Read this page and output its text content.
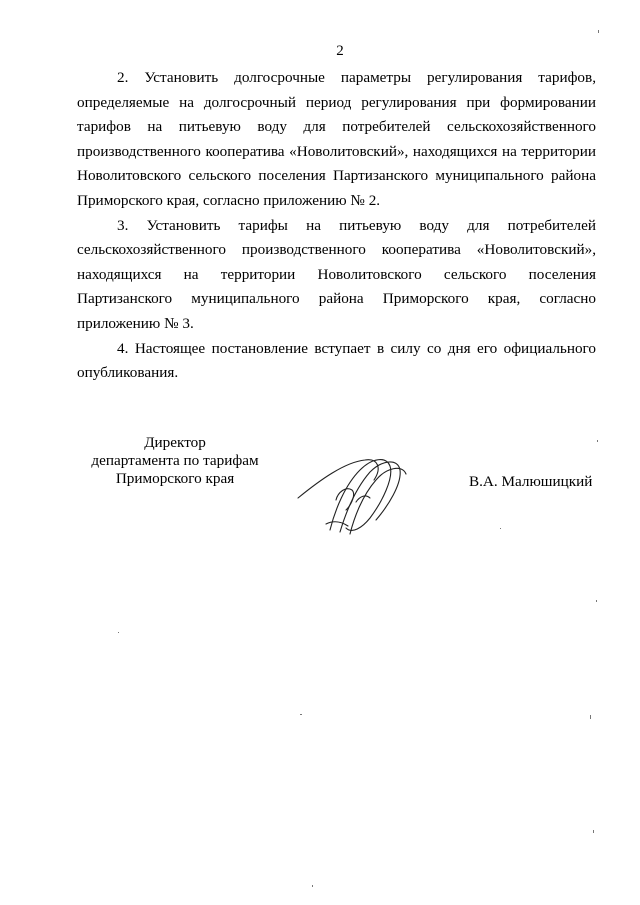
2

2. Установить долгосрочные параметры регулирования тарифов, определяемые на долгосрочный период регулирования при формировании тарифов на питьевую воду для потребителей сельскохозяйственного производственного кооператива «Новолитовский», находящихся на территории Новолитовского сельского поселения Партизанского муниципального района Приморского края, согласно приложению № 2.

3. Установить тарифы на питьевую воду для потребителей сельскохозяйственного производственного кооператива «Новолитовский», находящихся на территории Новолитовского сельского поселения Партизанского муниципального района Приморского края, согласно приложению № 3.

4. Настоящее постановление вступает в силу со дня его официального опубликования.

Директор
департамента по тарифам
Приморского края	В.А. Малюшицкий
